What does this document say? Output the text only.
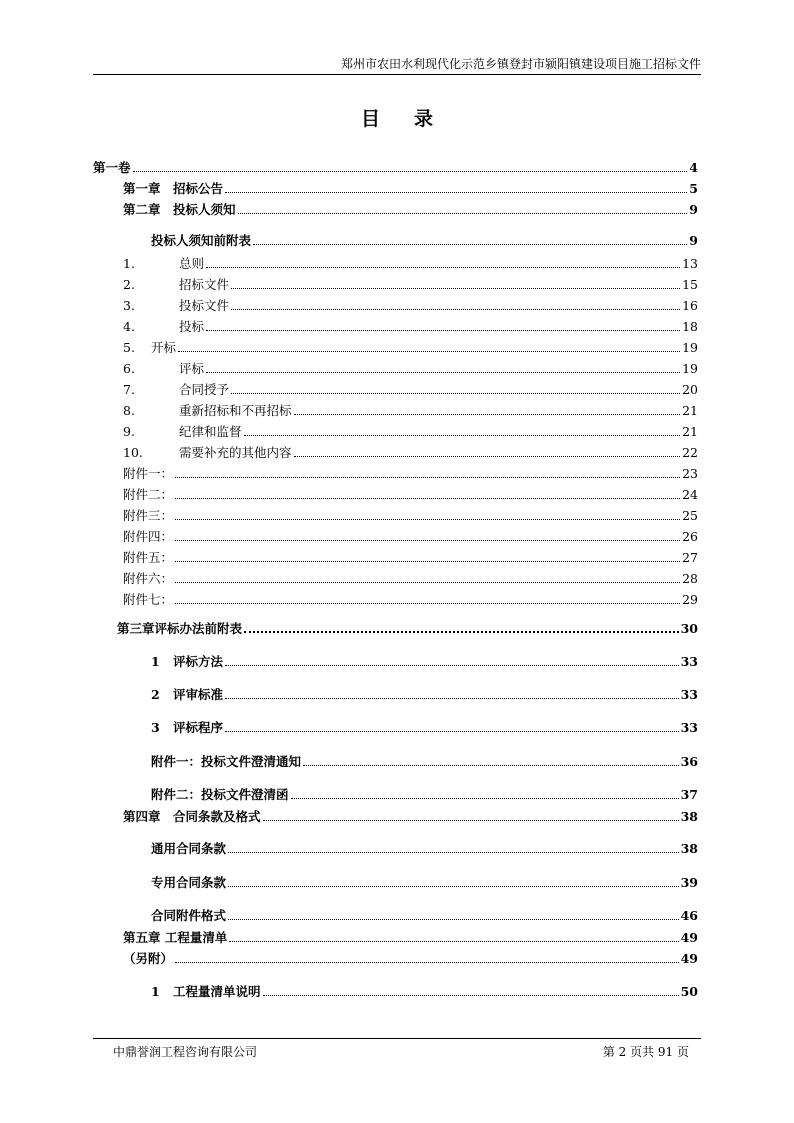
郑州市农田水利现代化示范乡镇登封市颍阳镇建设项目施工招标文件
目录
第一卷	4
第一章　招标公告	5
第二章　投标人须知	9
投标人须知前附表	9
1.	总则	13
2.	招标文件	15
3.	投标文件	16
4.	投标	18
5.	开标	19
6.	评标	19
7.	合同授予	20
8.	重新招标和不再招标	21
9.	纪律和监督	21
10.	需要补充的其他内容	22
附件一：	23
附件二：	24
附件三：	25
附件四：	26
附件五：	27
附件六：	28
附件七：	29
第三章评标办法前附表	30
1	评标方法	33
2	评审标准	33
3	评标程序	33
附件一：投标文件澄清通知	36
附件二：投标文件澄清函	37
第四章　合同条款及格式	38
通用合同条款	38
专用合同条款	39
合同附件格式	46
第五章 工程量清单	49
（另附）	49
1	工程量清单说明	50
中鼎誉润工程咨询有限公司	第 2 页共 91 页
